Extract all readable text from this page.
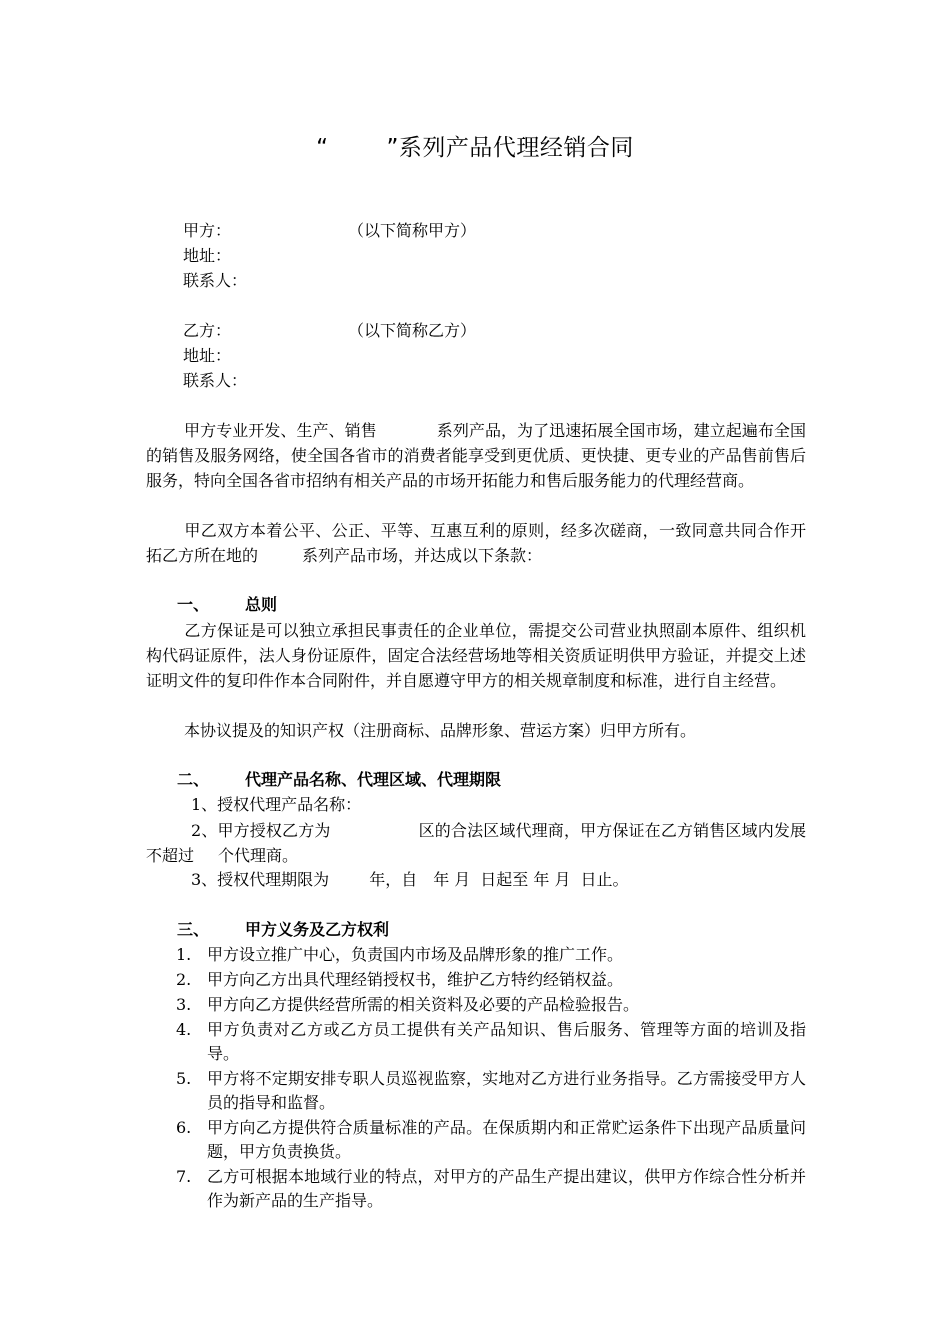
“	”系列产品代理经销合同
甲方：	（以下简称甲方）
地址：
联系人：
乙方：	（以下简称乙方）
地址：
联系人：
甲方专业开发、生产、销售	系列产品，为了迅速拓展全国市场，建立起遍布全国的销售及服务网络，使全国各省市的消费者能享受到更优质、更快捷、更专业的产品售前售后服务，特向全国各省市招纳有相关产品的市场开拓能力和售后服务能力的代理经营商。
甲乙双方本着公平、公正、平等、互惠互利的原则，经多次磋商，一致同意共同合作开拓乙方所在地的	系列产品市场，并达成以下条款：
一、 总则
乙方保证是可以独立承担民事责任的企业单位，需提交公司营业执照副本原件、组织机构代码证原件，法人身份证原件，固定合法经营场地等相关资质证明供甲方验证，并提交上述证明文件的复印件作本合同附件，并自愿遵守甲方的相关规章制度和标准，进行自主经营。
本协议提及的知识产权（注册商标、品牌形象、营运方案）归甲方所有。
二、 代理产品名称、代理区域、代理期限
1、授权代理产品名称：
2、甲方授权乙方为	区的合法区域代理商，甲方保证在乙方销售区域内发展不超过 个代理商。
3、授权代理期限为	年，自 年 月 日起至 年 月 日止。
三、 甲方义务及乙方权利
1. 甲方设立推广中心，负责国内市场及品牌形象的推广工作。
2. 甲方向乙方出具代理经销授权书，维护乙方特约经销权益。
3. 甲方向乙方提供经营所需的相关资料及必要的产品检验报告。
4. 甲方负责对乙方或乙方员工提供有关产品知识、售后服务、管理等方面的培训及指导。
5. 甲方将不定期安排专职人员巡视监察，实地对乙方进行业务指导。乙方需接受甲方人员的指导和监督。
6. 甲方向乙方提供符合质量标准的产品。在保质期内和正常贮运条件下出现产品质量问题，甲方负责换货。
7. 乙方可根据本地域行业的特点，对甲方的产品生产提出建议，供甲方作综合性分析并作为新产品的生产指导。
